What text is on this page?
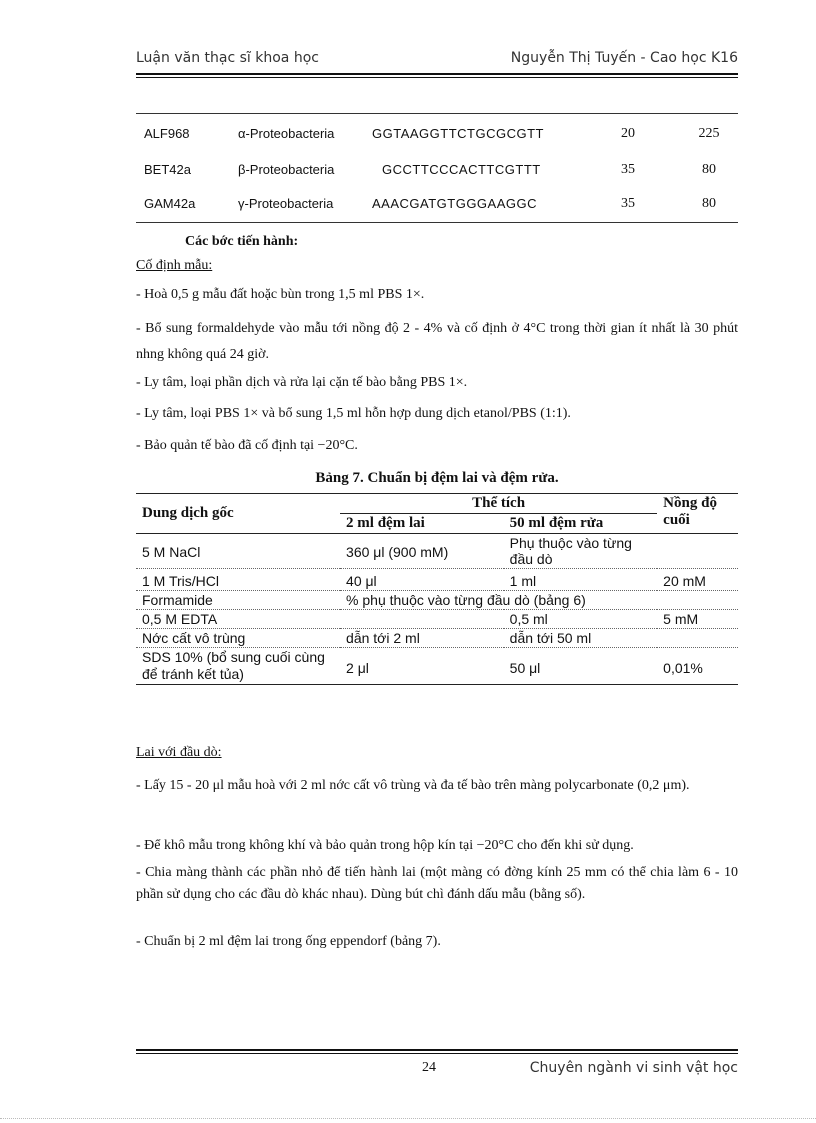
Luận văn thạc sĩ khoa học	Nguyễn Thị Tuyến - Cao học K16
ALF968	α-Proteobacteria	GGTAAGGTTCTGCGCGTT	20	225
BET42a	β-Proteobacteria	GCCTTCCCACTTCGTTT	35	80
GAM42a	γ-Proteobacteria	AAACGATGTGGGAAGGC	35	80
Các bớc tiến hành:
Cố định mẫu:
- Hoà 0,5 g mẫu đất hoặc bùn trong 1,5 ml PBS 1×.
- Bổ sung formaldehyde vào mẫu tới nồng độ 2 - 4% và cố định ở 4°C trong thời gian ít nhất là 30 phút nhng không quá 24 giờ.
- Ly tâm, loại phần dịch và rửa lại cặn tế bào bằng PBS 1×.
- Ly tâm, loại PBS 1× và bổ sung 1,5 ml hỗn hợp dung dịch etanol/PBS (1:1).
- Bảo quản tế bào đã cố định tại −20°C.
Bảng 7. Chuẩn bị đệm lai và đệm rửa.
Dung dịch gốc	Thể tích		Nồng độ cuối
	2 ml đệm lai	50 ml đệm rửa	
5 M NaCl	360 μl (900 mM)	Phụ thuộc vào từng đầu dò	
1 M Tris/HCl	40 μl	1 ml	20 mM
Formamide	% phụ thuộc vào từng đầu dò (bảng 6)		
0,5 M EDTA		0,5 ml	5 mM
Nớc cất vô trùng	dẫn tới 2 ml	dẫn tới 50 ml	
SDS 10% (bổ sung cuối cùng để tránh kết tủa)	2 μl	50 μl	0,01%
Lai với đầu dò:
- Lấy 15 - 20 μl mẫu hoà với 2 ml nớc cất vô trùng và đa tế bào trên màng polycarbonate (0,2 μm).
- Để khô mẫu trong không khí và bảo quản trong hộp kín tại −20°C cho đến khi sử dụng.
- Chia màng thành các phần nhỏ để tiến hành lai (một màng có đờng kính 25 mm có thể chia làm 6 - 10 phần sử dụng cho các đầu dò khác nhau). Dùng bút chì đánh dấu mẫu (bằng số).
- Chuẩn bị 2 ml đệm lai trong ống eppendorf (bảng 7).
24	Chuyên ngành vi sinh vật học
